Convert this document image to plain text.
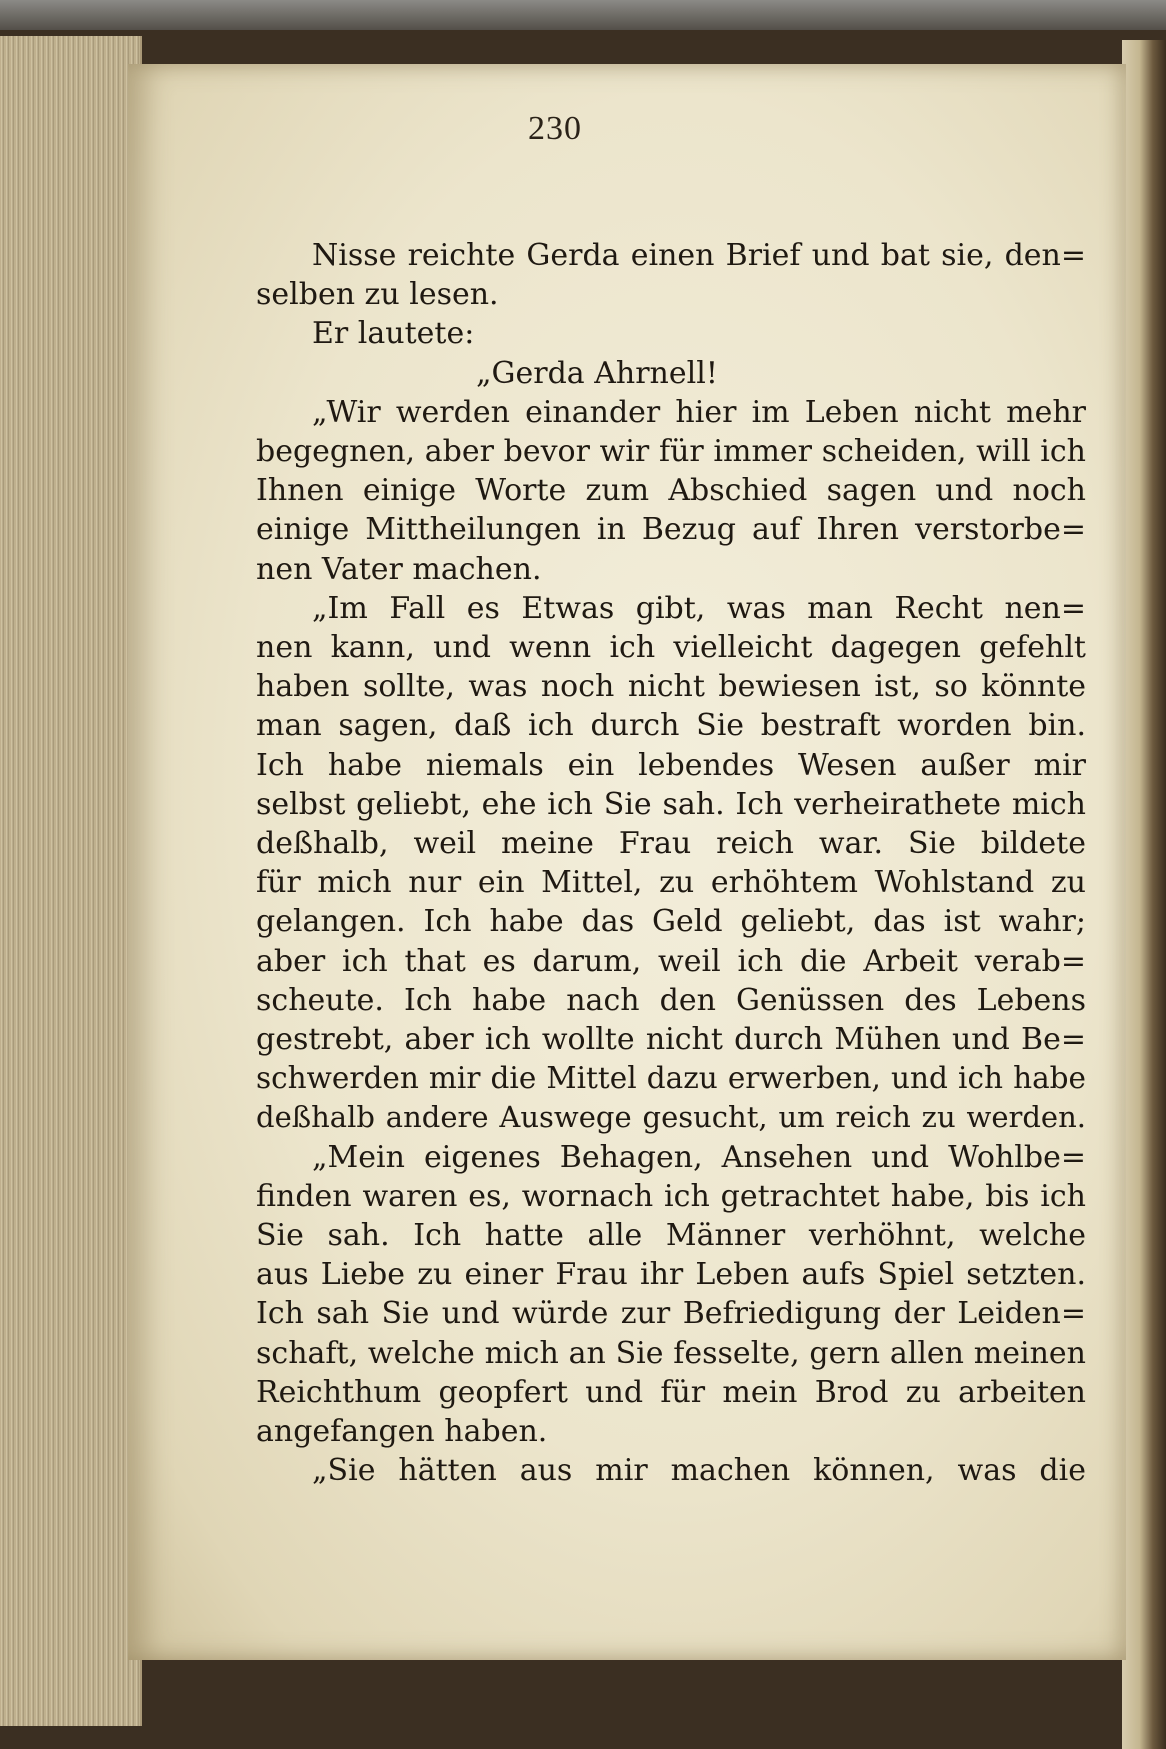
230
Nisse reichte Gerda einen Brief und bat sie, den=
selben zu lesen.
Er lautete:
„Gerda Ahrnell!
„Wir werden einander hier im Leben nicht mehr
begegnen, aber bevor wir für immer scheiden, will ich
Ihnen einige Worte zum Abschied sagen und noch
einige Mittheilungen in Bezug auf Ihren verstorbe=
nen Vater machen.
„Im Fall es Etwas gibt, was man Recht nen=
nen kann, und wenn ich vielleicht dagegen gefehlt
haben sollte, was noch nicht bewiesen ist, so könnte
man sagen, daß ich durch Sie bestraft worden bin.
Ich habe niemals ein lebendes Wesen außer mir
selbst geliebt, ehe ich Sie sah. Ich verheirathete mich
deßhalb, weil meine Frau reich war. Sie bildete
für mich nur ein Mittel, zu erhöhtem Wohlstand zu
gelangen. Ich habe das Geld geliebt, das ist wahr;
aber ich that es darum, weil ich die Arbeit verab=
scheute. Ich habe nach den Genüssen des Lebens
gestrebt, aber ich wollte nicht durch Mühen und Be=
schwerden mir die Mittel dazu erwerben, und ich habe
deßhalb andere Auswege gesucht, um reich zu werden.
„Mein eigenes Behagen, Ansehen und Wohlbe=
finden waren es, wornach ich getrachtet habe, bis ich
Sie sah. Ich hatte alle Männer verhöhnt, welche
aus Liebe zu einer Frau ihr Leben aufs Spiel setzten.
Ich sah Sie und würde zur Befriedigung der Leiden=
schaft, welche mich an Sie fesselte, gern allen meinen
Reichthum geopfert und für mein Brod zu arbeiten
angefangen haben.
„Sie hätten aus mir machen können, was die
